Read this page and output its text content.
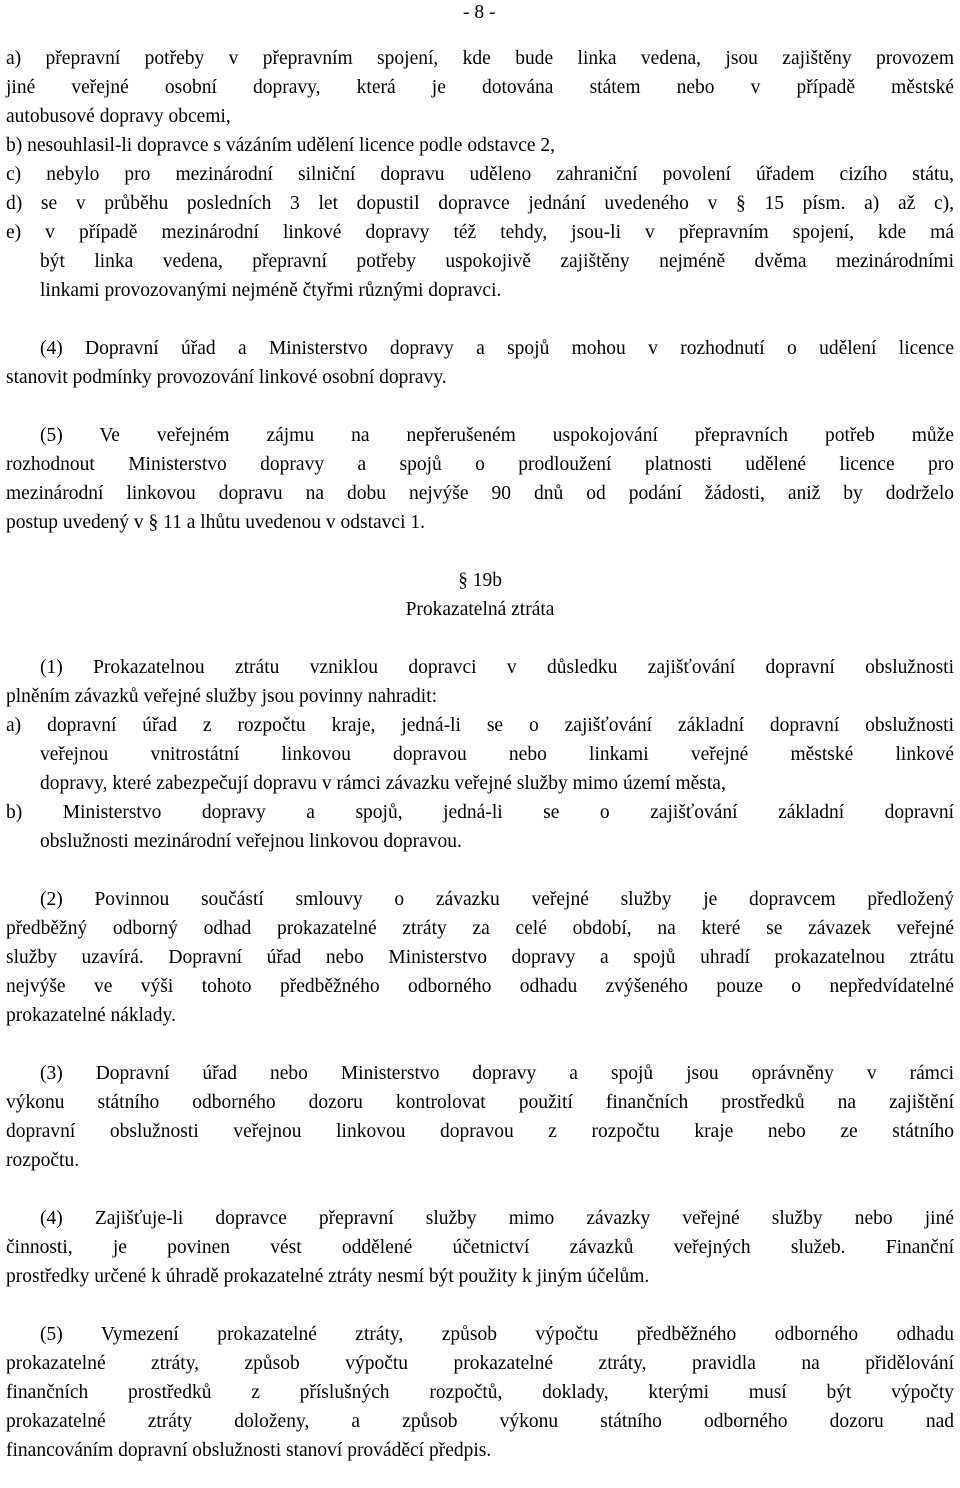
- 8 -
a) přepravní potřeby v přepravním spojení, kde bude linka vedena, jsou zajištěny provozem
jiné veřejné osobní dopravy, která je dotována státem nebo v případě městské
autobusové dopravy obcemi,
b) nesouhlasil-li dopravce s vázáním udělení licence podle odstavce 2,
c) nebylo pro mezinárodní silniční dopravu uděleno zahraniční povolení úřadem cizího státu,
d) se v průběhu posledních 3 let dopustil dopravce jednání uvedeného v § 15 písm. a) až c),
e) v případě mezinárodní linkové dopravy též tehdy, jsou-li v přepravním spojení, kde má
být linka vedena, přepravní potřeby uspokojivě zajištěny nejméně dvěma mezinárodními
linkami provozovanými nejméně čtyřmi různými dopravci.
(4) Dopravní úřad a Ministerstvo dopravy a spojů mohou v rozhodnutí o udělení licence
stanovit podmínky provozování linkové osobní dopravy.
(5) Ve veřejném zájmu na nepřerušeném uspokojování přepravních potřeb může
rozhodnout Ministerstvo dopravy a spojů o prodloužení platnosti udělené licence pro
mezinárodní linkovou dopravu na dobu nejvýše 90 dnů od podání žádosti, aniž by dodrželo
postup uvedený v § 11 a lhůtu uvedenou v odstavci 1.
§ 19b
Prokazatelná ztráta
(1) Prokazatelnou ztrátu vzniklou dopravci v důsledku zajišťování dopravní obslužnosti
plněním závazků veřejné služby jsou povinny nahradit:
a) dopravní úřad z rozpočtu kraje, jedná-li se o zajišťování základní dopravní obslužnosti
veřejnou vnitrostátní linkovou dopravou nebo linkami veřejné městské linkové
dopravy, které zabezpečují dopravu v rámci závazku veřejné služby mimo území města,
b) Ministerstvo dopravy a spojů, jedná-li se o zajišťování základní dopravní
obslužnosti mezinárodní veřejnou linkovou dopravou.
(2) Povinnou součástí smlouvy o závazku veřejné služby je dopravcem předložený
předběžný odborný odhad prokazatelné ztráty za celé období, na které se závazek veřejné
služby uzavírá. Dopravní úřad nebo Ministerstvo dopravy a spojů uhradí prokazatelnou ztrátu
nejvýše ve výši tohoto předběžného odborného odhadu zvýšeného pouze o nepředvídatelné
prokazatelné náklady.
(3) Dopravní úřad nebo Ministerstvo dopravy a spojů jsou oprávněny v rámci
výkonu státního odborného dozoru kontrolovat použití finančních prostředků na zajištění
dopravní obslužnosti veřejnou linkovou dopravou z rozpočtu kraje nebo ze státního
rozpočtu.
(4) Zajišťuje-li dopravce přepravní služby mimo závazky veřejné služby nebo jiné
činnosti, je povinen vést oddělené účetnictví závazků veřejných služeb. Finanční
prostředky určené k úhradě prokazatelné ztráty nesmí být použity k jiným účelům.
(5) Vymezení prokazatelné ztráty, způsob výpočtu předběžného odborného odhadu
prokazatelné ztráty, způsob výpočtu prokazatelné ztráty, pravidla na přidělování
finančních prostředků z příslušných rozpočtů, doklady, kterými musí být výpočty
prokazatelné ztráty doloženy, a způsob výkonu státního odborného dozoru nad
financováním dopravní obslužnosti stanoví prováděcí předpis.
